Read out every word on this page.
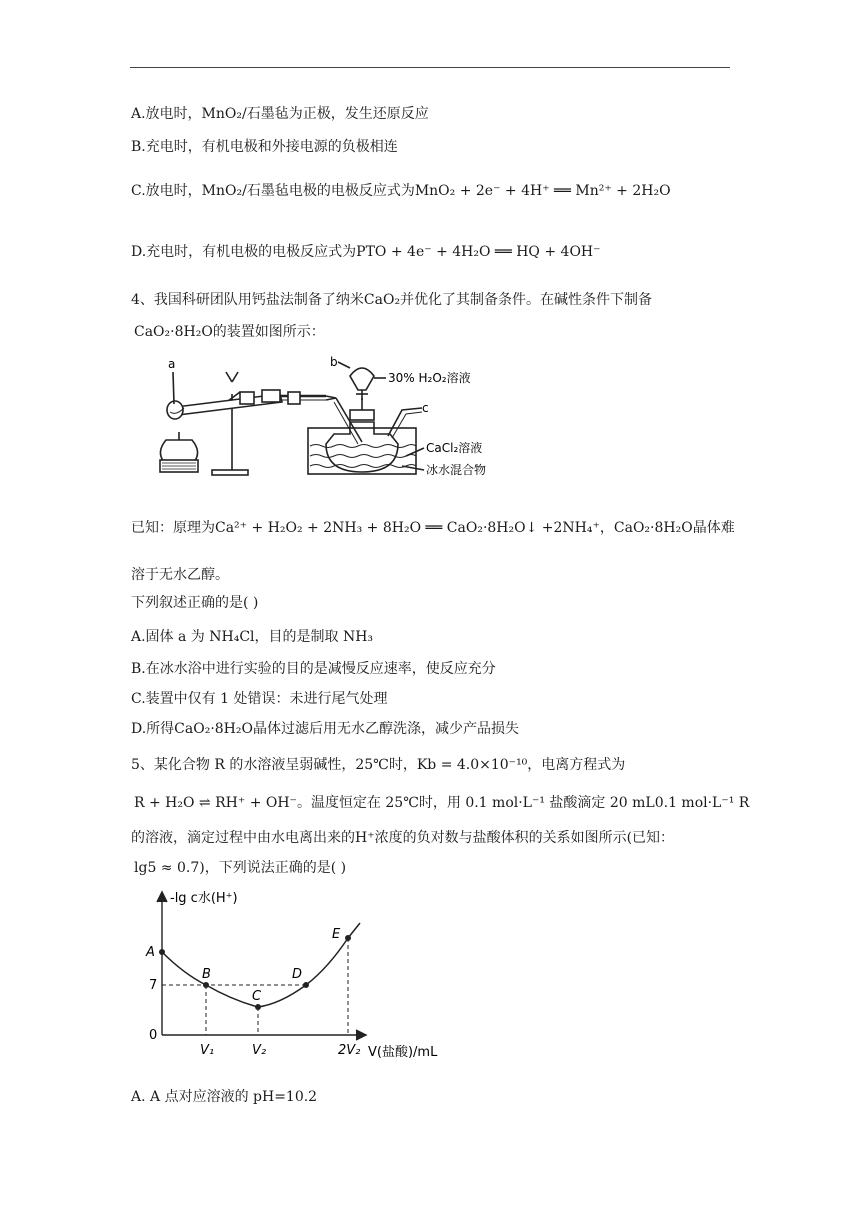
A.放电时，MnO₂/石墨毡为正极，发生还原反应
B.充电时，有机电极和外接电源的负极相连
C.放电时，MnO₂/石墨毡电极的电极反应式为MnO₂ + 2e⁻ + 4H⁺ ══ Mn²⁺ + 2H₂O
D.充电时，有机电极的电极反应式为PTO + 4e⁻ + 4H₂O ══ HQ + 4OH⁻
4、我国科研团队用钙盐法制备了纳米CaO₂并优化了其制备条件。在碱性条件下制备
CaO₂·8H₂O的装置如图所示：
a	b
c
30% H₂O₂溶液
CaCl₂溶液
冰水混合物
已知：原理为Ca²⁺ + H₂O₂ + 2NH₃ + 8H₂O ══ CaO₂·8H₂O↓ +2NH₄⁺，CaO₂·8H₂O晶体难
溶于无水乙醇。
下列叙述正确的是( )
A.固体 a 为 NH₄Cl，目的是制取 NH₃
B.在冰水浴中进行实验的目的是减慢反应速率，使反应充分
C.装置中仅有 1 处错误：未进行尾气处理
D.所得CaO₂·8H₂O晶体过滤后用无水乙醇洗涤，减少产品损失
5、某化合物 R 的水溶液呈弱碱性，25℃时，Kb = 4.0×10⁻¹⁰，电离方程式为
R + H₂O ⇌ RH⁺ + OH⁻。温度恒定在 25℃时，用 0.1 mol·L⁻¹ 盐酸滴定 20 mL0.1 mol·L⁻¹ R
的溶液，滴定过程中由水电离出来的H⁺浓度的负对数与盐酸体积的关系如图所示(已知：
lg5 ≈ 0.7)，下列说法正确的是( )
-lg c水(H⁺)
V(盐酸)/mL
7
0
V₁	V₂	2V₂
A
B
C
D
E
A. A 点对应溶液的 pH=10.2
